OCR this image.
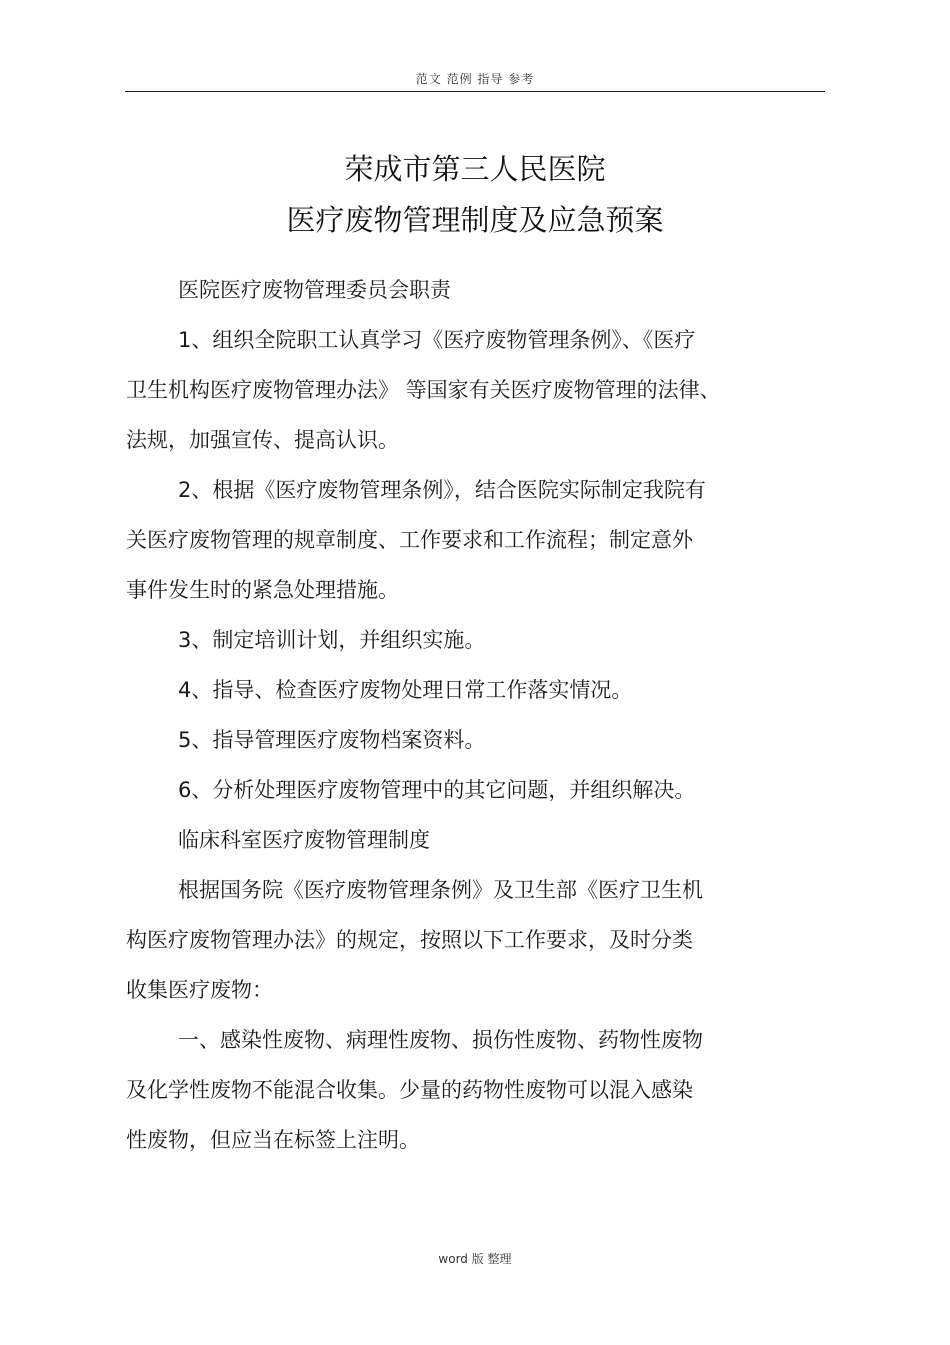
范文 范例 指导 参考
荣成市第三人民医院
医疗废物管理制度及应急预案
医院医疗废物管理委员会职责
1、组织全院职工认真学习《医疗废物管理条例》、《医疗
卫生机构医疗废物管理办法》 等国家有关医疗废物管理的法律、
法规，加强宣传、提高认识。
2、根据《医疗废物管理条例》，结合医院实际制定我院有
关医疗废物管理的规章制度、工作要求和工作流程；制定意外
事件发生时的紧急处理措施。
3、制定培训计划，并组织实施。
4、指导、检查医疗废物处理日常工作落实情况。
5、指导管理医疗废物档案资料。
6、分析处理医疗废物管理中的其它问题，并组织解决。
临床科室医疗废物管理制度
根据国务院《医疗废物管理条例》及卫生部《医疗卫生机
构医疗废物管理办法》的规定，按照以下工作要求，及时分类
收集医疗废物：
一、感染性废物、病理性废物、损伤性废物、药物性废物
及化学性废物不能混合收集。少量的药物性废物可以混入感染
性废物，但应当在标签上注明。
word 版 整理
